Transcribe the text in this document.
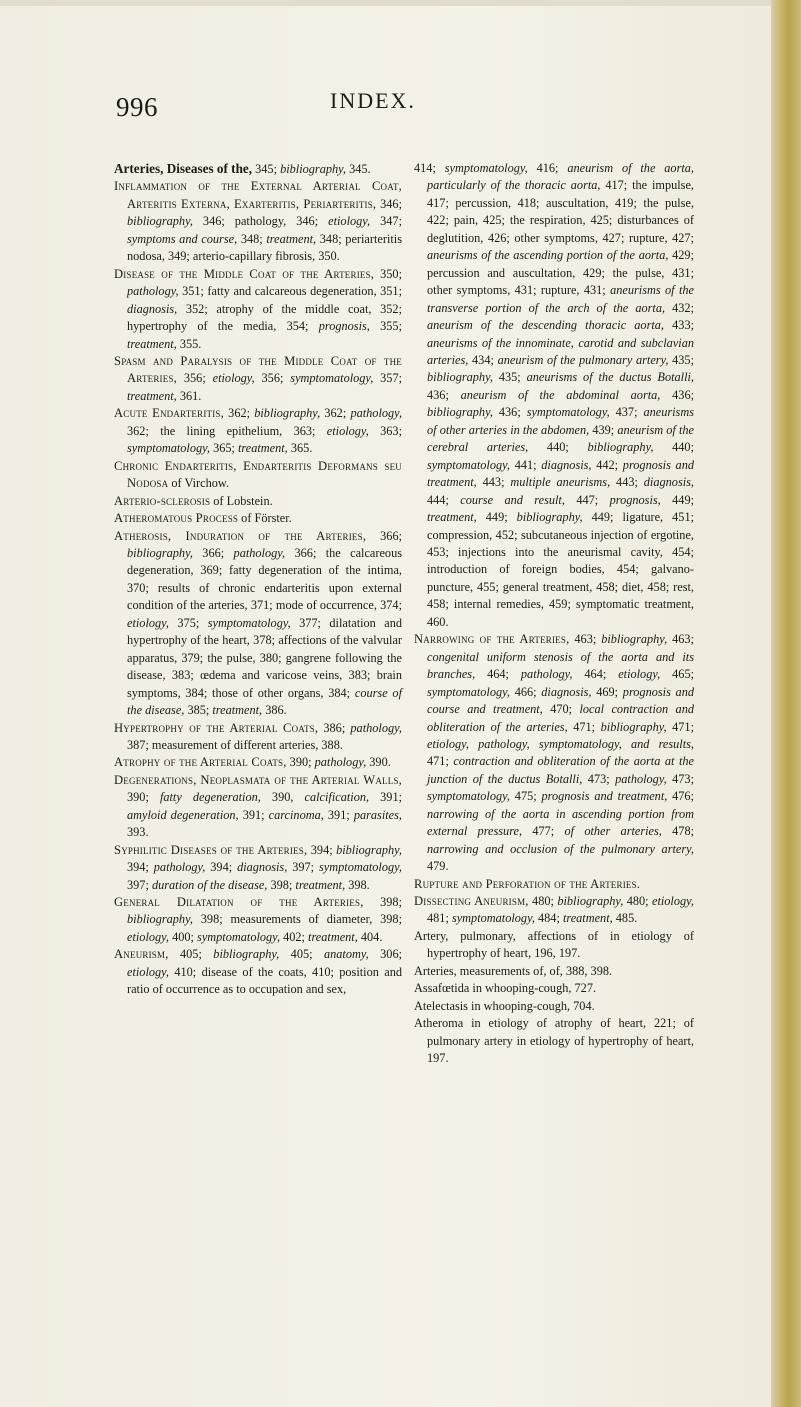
996	INDEX.

Arteries, Diseases of the, 345; bibliography, 345.

Inflammation of the External Arterial Coat, Arteritis Externa, Exarteritis, Periarteritis, 346; bibliography, 346; pathology, 346; etiology, 347; symptoms and course, 348; treatment, 348; periarteritis nodosa, 349; arterio-capillary fibrosis, 350.

Disease of the Middle Coat of the Arteries, 350; pathology, 351; fatty and calcareous degeneration, 351; diagnosis, 352; atrophy of the middle coat, 352; hypertrophy of the media, 354; prognosis, 355; treatment, 355.

Spasm and Paralysis of the Middle Coat of the Arteries, 356; etiology, 356; symptomatology, 357; treatment, 361.

Acute Endarteritis, 362; bibliography, 362; pathology, 362; the lining epithelium, 363; etiology, 363; symptomatology, 365; treatment, 365.

Chronic Endarteritis, Endarteritis Deformans seu Nodosa of Virchow.

Arterio-sclerosis of Lobstein.

Atheromatous Process of Förster.

Atherosis, Induration of the Arteries, 366; bibliography, 366; pathology, 366; the calcareous degeneration, 369; fatty degeneration of the intima, 370; results of chronic endarteritis upon external condition of the arteries, 371; mode of occurrence, 374; etiology, 375; symptomatology, 377; dilatation and hypertrophy of the heart, 378; affections of the valvular apparatus, 379; the pulse, 380; gangrene following the disease, 383; œdema and varicose veins, 383; brain symptoms, 384; those of other organs, 384; course of the disease, 385; treatment, 386.

Hypertrophy of the Arterial Coats, 386; pathology, 387; measurement of different arteries, 388.

Atrophy of the Arterial Coats, 390; pathology, 390.

Degenerations, Neoplasmata of the Arterial Walls, 390; fatty degeneration, 390, calcification, 391; amyloid degeneration, 391; carcinoma, 391; parasites, 393.

Syphilitic Diseases of the Arteries, 394; bibliography, 394; pathology, 394; diagnosis, 397; symptomatology, 397; duration of the disease, 398; treatment, 398.

General Dilatation of the Arteries, 398; bibliography, 398; measurements of diameter, 398; etiology, 400; symptomatology, 402; treatment, 404.

Aneurism, 405; bibliography, 405; anatomy, 306; etiology, 410; disease of the coats, 410; position and ratio of occurrence as to occupation and sex,

414; symptomatology, 416; aneurism of the aorta, particularly of the thoracic aorta, 417; the impulse, 417; percussion, 418; auscultation, 419; the pulse, 422; pain, 425; the respiration, 425; disturbances of deglutition, 426; other symptoms, 427; rupture, 427; aneurisms of the ascending portion of the aorta, 429; percussion and auscultation, 429; the pulse, 431; other symptoms, 431; rupture, 431; aneurisms of the transverse portion of the arch of the aorta, 432; aneurism of the descending thoracic aorta, 433; aneurisms of the innominate, carotid and subclavian arteries, 434; aneurism of the pulmonary artery, 435; bibliography, 435; aneurisms of the ductus Botalli, 436; aneurism of the abdominal aorta, 436; bibliography, 436; symptomatology, 437; aneurisms of other arteries in the abdomen, 439; aneurism of the cerebral arteries, 440; bibliography, 440; symptomatology, 441; diagnosis, 442; prognosis and treatment, 443; multiple aneurisms, 443; diagnosis, 444; course and result, 447; prognosis, 449; treatment, 449; bibliography, 449; ligature, 451; compression, 452; subcutaneous injection of ergotine, 453; injections into the aneurismal cavity, 454; introduction of foreign bodies, 454; galvano-puncture, 455; general treatment, 458; diet, 458; rest, 458; internal remedies, 459; symptomatic treatment, 460.

Narrowing of the Arteries, 463; bibliography, 463; congenital uniform stenosis of the aorta and its branches, 464; pathology, 464; etiology, 465; symptomatology, 466; diagnosis, 469; prognosis and course and treatment, 470; local contraction and obliteration of the arteries, 471; bibliography, 471; etiology, pathology, symptomatology, and results, 471; contraction and obliteration of the aorta at the junction of the ductus Botalli, 473; pathology, 473; symptomatology, 475; prognosis and treatment, 476; narrowing of the aorta in ascending portion from external pressure, 477; of other arteries, 478; narrowing and occlusion of the pulmonary artery, 479.

Rupture and Perforation of the Arteries.

Dissecting Aneurism, 480; bibliography, 480; etiology, 481; symptomatology, 484; treatment, 485.

Artery, pulmonary, affections of in etiology of hypertrophy of heart, 196, 197.

Arteries, measurements of, of, 388, 398.

Assafœtida in whooping-cough, 727.

Atelectasis in whooping-cough, 704.

Atheroma in etiology of atrophy of heart, 221; of pulmonary artery in etiology of hypertrophy of heart, 197.
